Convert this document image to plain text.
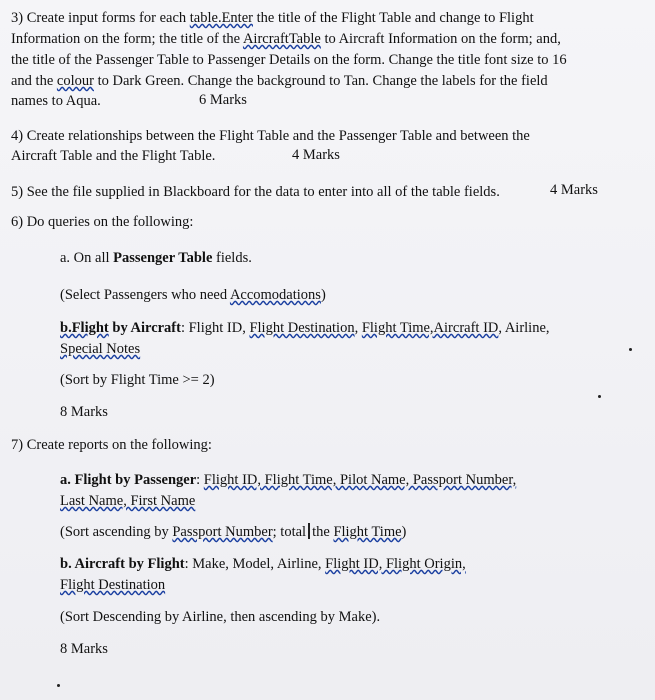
3) Create input forms for each table.Enter the title of the Flight Table and change to Flight
Information on the form; the title of the AircraftTable to Aircraft Information on the form; and,
the title of the Passenger Table to Passenger Details on the form. Change the title font size to 16
and the colour to Dark Green. Change the background to Tan. Change the labels for the field
names to Aqua.	6 Marks
4) Create relationships between the Flight Table and the Passenger Table and between the
Aircraft Table and the Flight Table.	4 Marks
5) See the file supplied in Blackboard for the data to enter into all of the table fields.	4 Marks
6) Do queries on the following:
a. On all Passenger Table fields.
(Select Passengers who need Accomodations)
b.Flight by Aircraft: Flight ID, Flight Destination, Flight Time,Aircraft ID, Airline,
Special Notes
(Sort by Flight Time >= 2)
8 Marks
7) Create reports on the following:
a. Flight by Passenger: Flight ID, Flight Time, Pilot Name, Passport Number,
Last Name, First Name
(Sort ascending by Passport Number; total the Flight Time)
b. Aircraft by Flight: Make, Model, Airline, Flight ID, Flight Origin,
Flight Destination
(Sort Descending by Airline, then ascending by Make).
8 Marks
